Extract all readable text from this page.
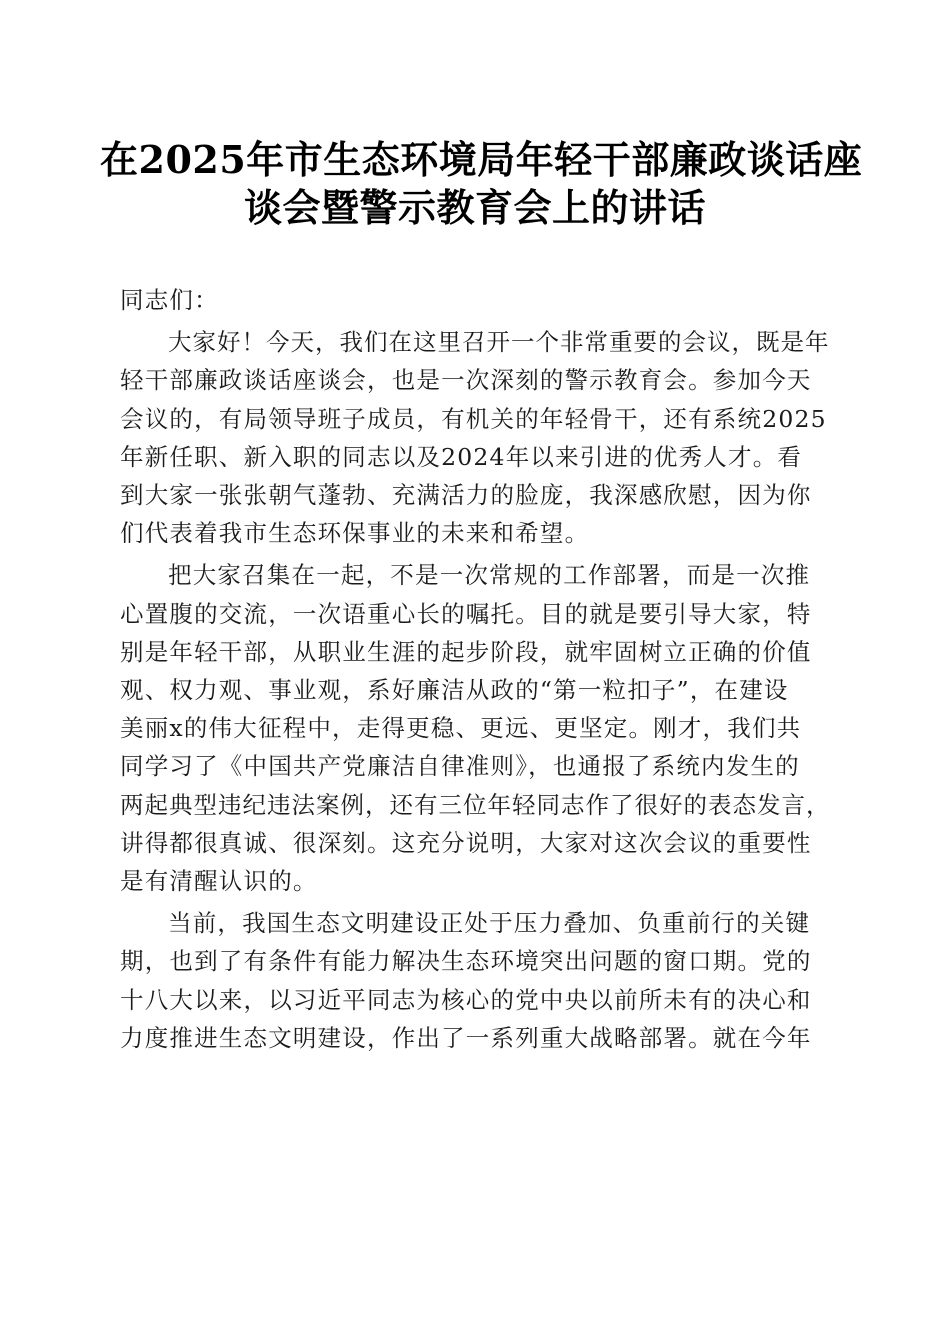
在2025年市生态环境局年轻干部廉政谈话座
谈会暨警示教育会上的讲话

同志们：

大家好！今天，我们在这里召开一个非常重要的会议，既是年
轻干部廉政谈话座谈会，也是一次深刻的警示教育会。参加今天
会议的，有局领导班子成员，有机关的年轻骨干，还有系统2025
年新任职、新入职的同志以及2024年以来引进的优秀人才。看
到大家一张张朝气蓬勃、充满活力的脸庞，我深感欣慰，因为你
们代表着我市生态环保事业的未来和希望。

把大家召集在一起，不是一次常规的工作部署，而是一次推
心置腹的交流，一次语重心长的嘱托。目的就是要引导大家，特
别是年轻干部，从职业生涯的起步阶段，就牢固树立正确的价值
观、权力观、事业观，系好廉洁从政的“第一粒扣子”，在建设
美丽x的伟大征程中，走得更稳、更远、更坚定。刚才，我们共
同学习了《中国共产党廉洁自律准则》，也通报了系统内发生的
两起典型违纪违法案例，还有三位年轻同志作了很好的表态发言，
讲得都很真诚、很深刻。这充分说明，大家对这次会议的重要性
是有清醒认识的。

当前，我国生态文明建设正处于压力叠加、负重前行的关键
期，也到了有条件有能力解决生态环境突出问题的窗口期。党的
十八大以来，以习近平同志为核心的党中央以前所未有的决心和
力度推进生态文明建设，作出了一系列重大战略部署。就在今年
